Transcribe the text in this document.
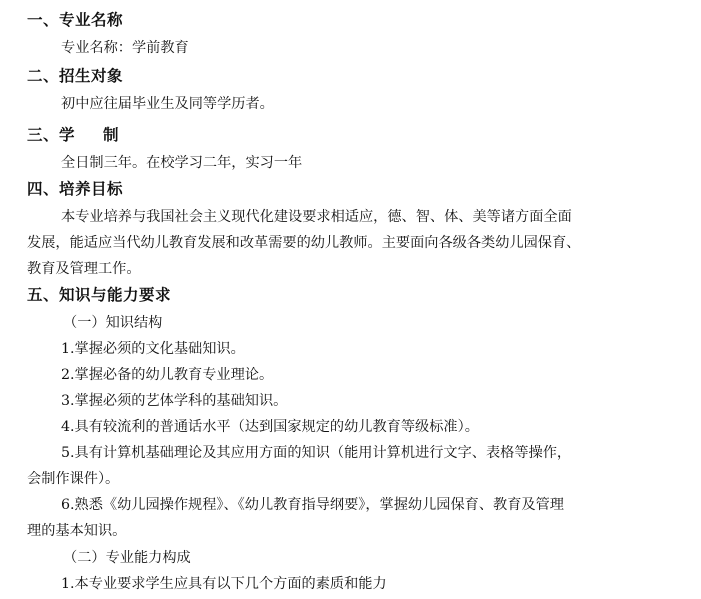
一、专业名称
专业名称：学前教育
二、招生对象
初中应往届毕业生及同等学历者。
三、学 制
全日制三年。在校学习二年，实习一年
四、培养目标
本专业培养与我国社会主义现代化建设要求相适应，德、智、体、美等诸方面全面
发展，能适应当代幼儿教育发展和改革需要的幼儿教师。主要面向各级各类幼儿园保育、
教育及管理工作。
五、知识与能力要求
（一）知识结构
1.掌握必须的文化基础知识。
2.掌握必备的幼儿教育专业理论。
3.掌握必须的艺体学科的基础知识。
4.具有较流利的普通话水平（达到国家规定的幼儿教育等级标准）。
5.具有计算机基础理论及其应用方面的知识（能用计算机进行文字、表格等操作，
会制作课件）。
6.熟悉《幼儿园操作规程》、《幼儿教育指导纲要》，掌握幼儿园保育、教育及管理
理的基本知识。
（二）专业能力构成
1.本专业要求学生应具有以下几个方面的素质和能力
